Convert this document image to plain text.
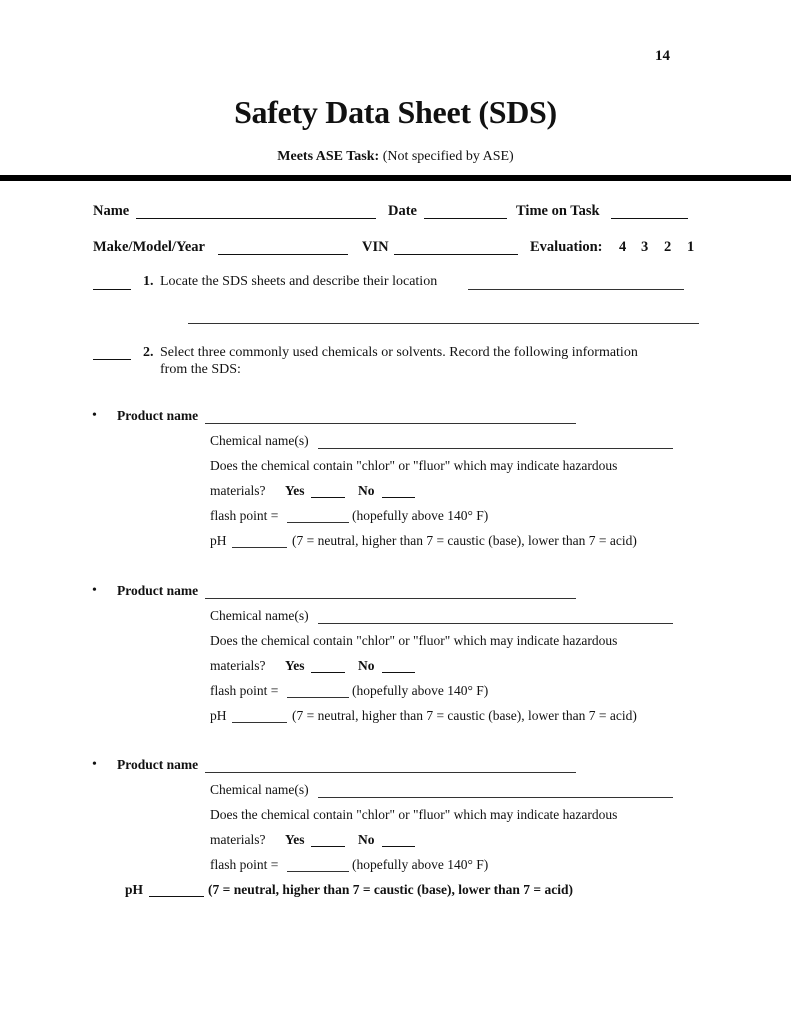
14
Safety Data Sheet (SDS)
Meets ASE Task: (Not specified by ASE)
Name	Date	Time on Task
Make/Model/Year	VIN	Evaluation: 4 3 2 1
1. Locate the SDS sheets and describe their location
2. Select three commonly used chemicals or solvents. Record the following information
from the SDS:
• Product name
Chemical name(s)
Does the chemical contain "chlor" or "fluor" which may indicate hazardous
materials? Yes	No
flash point =	(hopefully above 140° F)
pH	(7 = neutral, higher than 7 = caustic (base), lower than 7 = acid)
• Product name
Chemical name(s)
Does the chemical contain "chlor" or "fluor" which may indicate hazardous
materials? Yes	No
flash point =	(hopefully above 140° F)
pH	(7 = neutral, higher than 7 = caustic (base), lower than 7 = acid)
• Product name
Chemical name(s)
Does the chemical contain "chlor" or "fluor" which may indicate hazardous
materials? Yes	No
flash point =	(hopefully above 140° F)
pH	(7 = neutral, higher than 7 = caustic (base), lower than 7 = acid)
